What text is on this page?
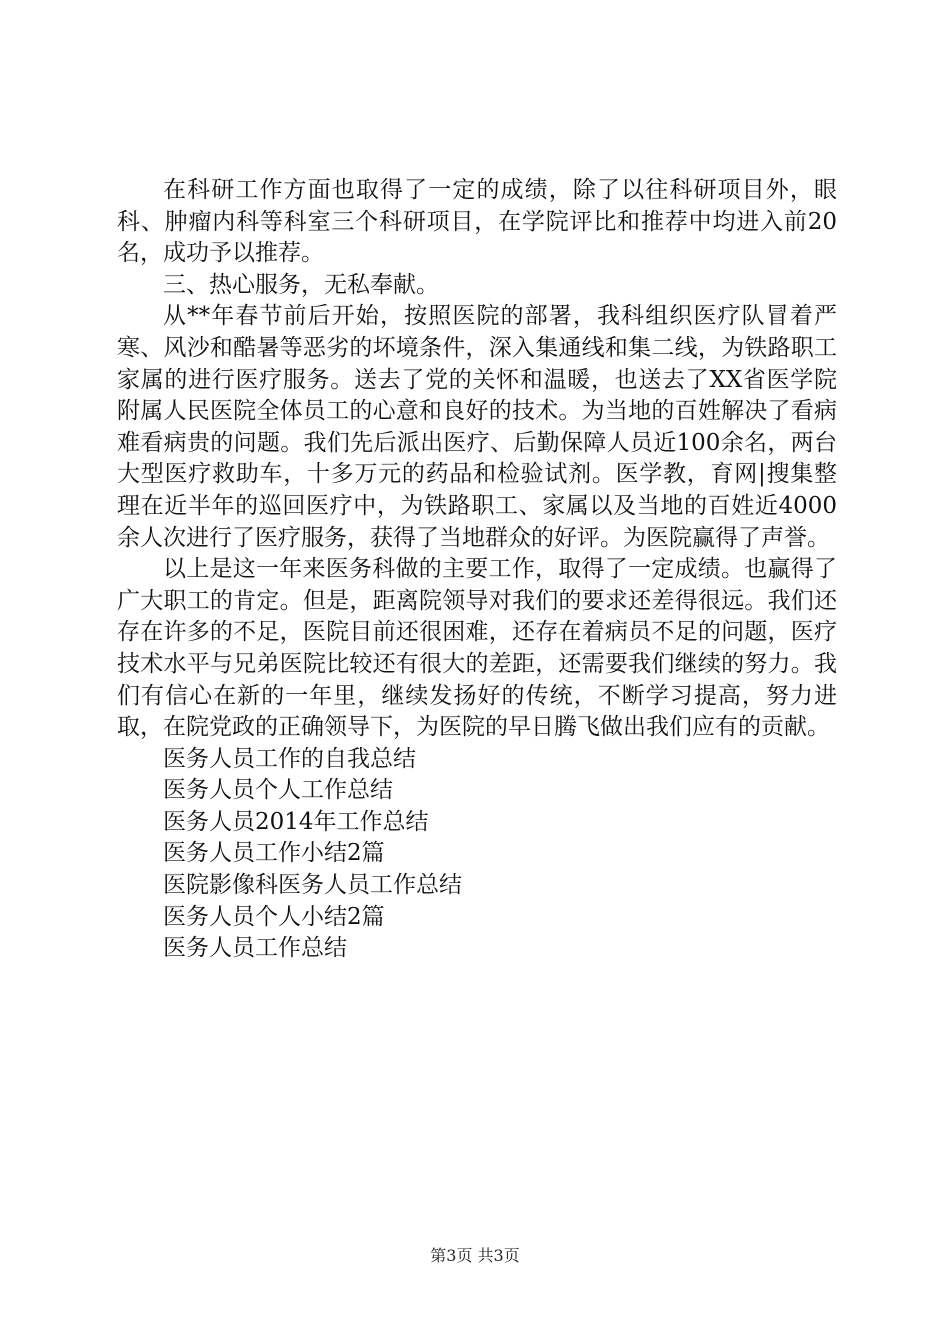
在科研工作方面也取得了一定的成绩，除了以往科研项目外，眼科、肿瘤内科等科室三个科研项目，在学院评比和推荐中均进入前20名，成功予以推荐。

三、热心服务，无私奉献。

从**年春节前后开始，按照医院的部署，我科组织医疗队冒着严寒、风沙和酷暑等恶劣的坏境条件，深入集通线和集二线，为铁路职工家属的进行医疗服务。送去了党的关怀和温暖，也送去了XX省医学院附属人民医院全体员工的心意和良好的技术。为当地的百姓解决了看病难看病贵的问题。我们先后派出医疗、后勤保障人员近100余名，两台大型医疗救助车，十多万元的药品和检验试剂。医学教，育网|搜集整理在近半年的巡回医疗中，为铁路职工、家属以及当地的百姓近4000余人次进行了医疗服务，获得了当地群众的好评。为医院赢得了声誉。

以上是这一年来医务科做的主要工作，取得了一定成绩。也赢得了广大职工的肯定。但是，距离院领导对我们的要求还差得很远。我们还存在许多的不足，医院目前还很困难，还存在着病员不足的问题，医疗技术水平与兄弟医院比较还有很大的差距，还需要我们继续的努力。我们有信心在新的一年里，继续发扬好的传统，不断学习提高，努力进取，在院党政的正确领导下，为医院的早日腾飞做出我们应有的贡献。

医务人员工作的自我总结

医务人员个人工作总结

医务人员2014年工作总结

医务人员工作小结2篇

医院影像科医务人员工作总结

医务人员个人小结2篇

医务人员工作总结

第3页 共3页
